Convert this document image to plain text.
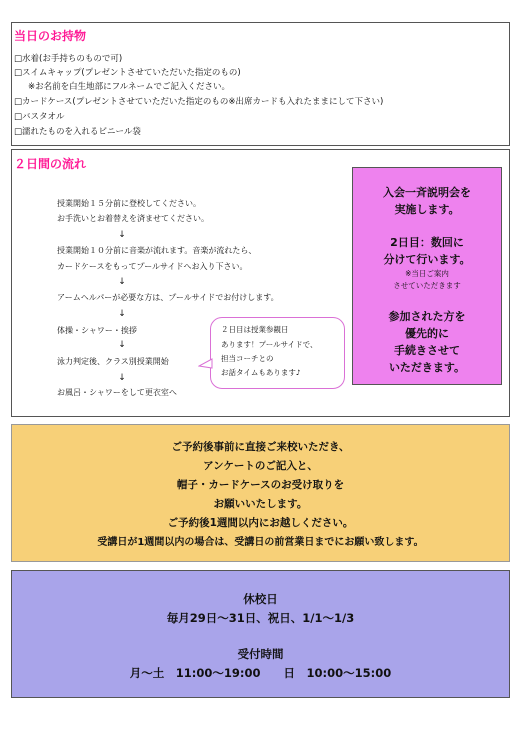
当日のお持物
□水着(お手持ちのもので可)
□スイムキャップ(プレゼントさせていただいた指定のもの)
※お名前を白生地部にフルネームでご記入ください。
□カードケース(プレゼントさせていただいた指定のもの※出席カードも入れたままにして下さい)
□バスタオル
□濡れたものを入れるビニール袋
２日間の流れ
授業開始１５分前に登校してください。
お手洗いとお着替えを済ませてください。
↓
授業開始１０分前に音楽が流れます。音楽が流れたら、
カードケースをもってプールサイドへお入り下さい。
↓
アームヘルパーが必要な方は、プールサイドでお付けします。
↓
体操・シャワー・挨拶
↓
泳力判定後、クラス別授業開始
↓
お風呂・シャワーをして更衣室へ
２日目は授業参観日
あります！プールサイドで、
担当コーチとの
お話タイムもあります♪
入会一斉説明会を
実施します。
2日目：数回に
分けて行います。
※当日ご案内
させていただきます
参加された方を
優先的に
手続きさせて
いただきます。
ご予約後事前に直接ご来校いただき、
アンケートのご記入と、
帽子・カードケースのお受け取りを
お願いいたします。
ご予約後1週間以内にお越しください。
受講日が1週間以内の場合は、受講日の前営業日までにお願い致します。
休校日
毎月29日～31日、祝日、1/1～1/3
受付時間
月～土　11:00～19:00　　日　10:00～15:00
